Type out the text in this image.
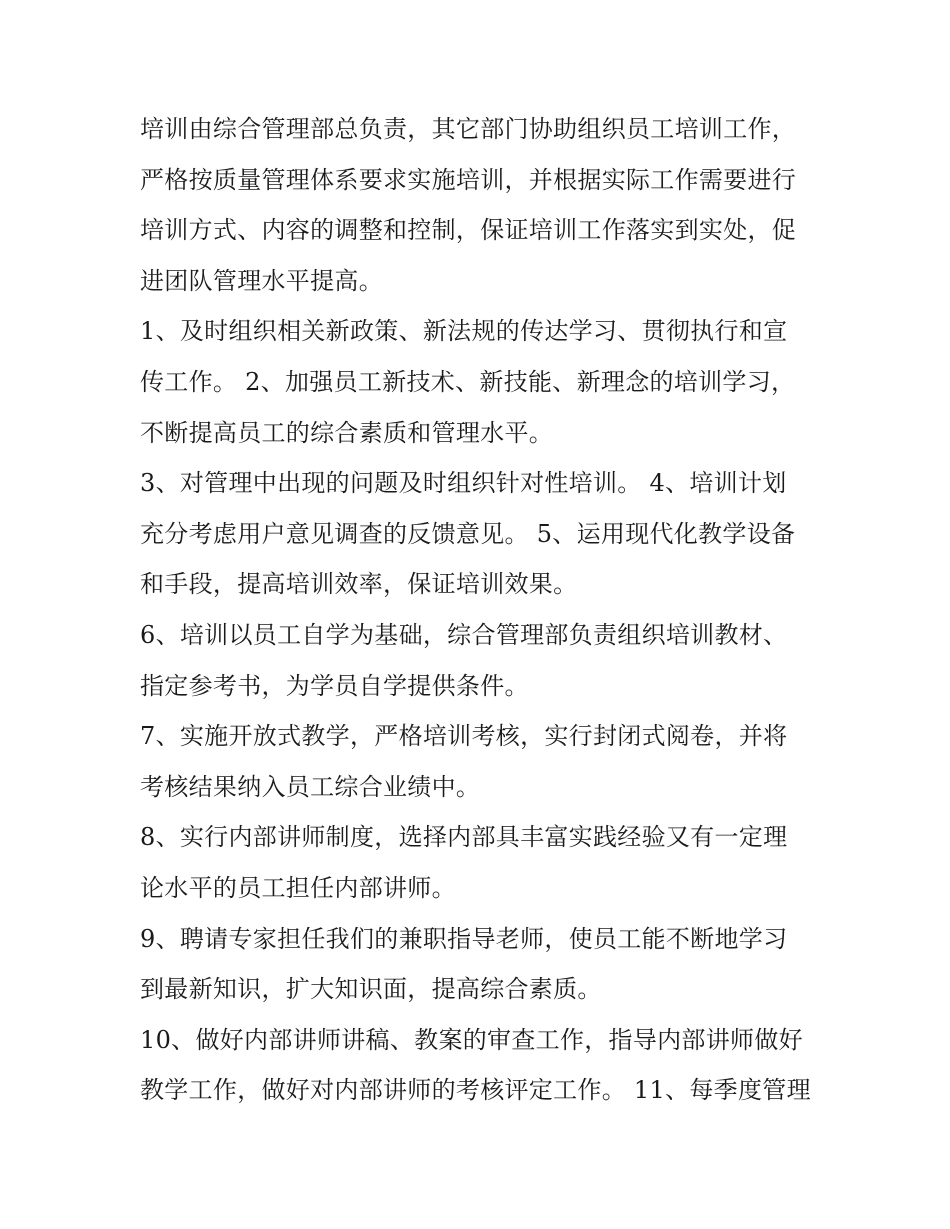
培训由综合管理部总负责，其它部门协助组织员工培训工作，
严格按质量管理体系要求实施培训，并根据实际工作需要进行
培训方式、内容的调整和控制，保证培训工作落实到实处，促
进团队管理水平提高。
1、及时组织相关新政策、新法规的传达学习、贯彻执行和宣
传工作。 2、加强员工新技术、新技能、新理念的培训学习，
不断提高员工的综合素质和管理水平。
3、对管理中出现的问题及时组织针对性培训。 4、培训计划
充分考虑用户意见调查的反馈意见。 5、运用现代化教学设备
和手段，提高培训效率，保证培训效果。
6、培训以员工自学为基础，综合管理部负责组织培训教材、
指定参考书，为学员自学提供条件。
7、实施开放式教学，严格培训考核，实行封闭式阅卷，并将
考核结果纳入员工综合业绩中。
8、实行内部讲师制度，选择内部具丰富实践经验又有一定理
论水平的员工担任内部讲师。
9、聘请专家担任我们的兼职指导老师，使员工能不断地学习
到最新知识，扩大知识面，提高综合素质。
10、做好内部讲师讲稿、教案的审查工作，指导内部讲师做好
教学工作，做好对内部讲师的考核评定工作。 11、每季度管理
